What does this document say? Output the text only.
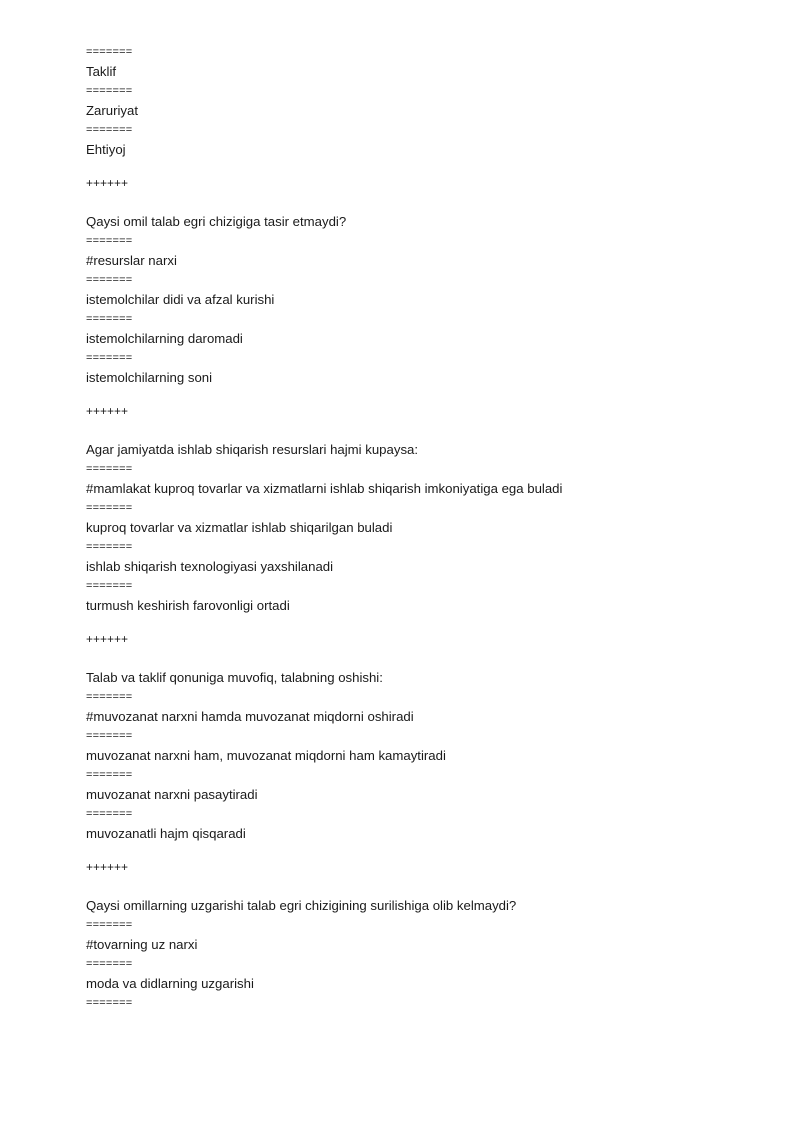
=======
Taklif
=======
Zaruriyat
=======
Ehtiyoj
++++++
Qaysi omil talab egri chizigiga tasir etmaydi?
=======
#resurslar narxi
=======
istemolchilar didi va afzal kurishi
=======
istemolchilarning daromadi
=======
istemolchilarning soni
++++++
Agar jamiyatda ishlab shiqarish resurslari hajmi kupaysa:
=======
#mamlakat kuproq tovarlar va xizmatlarni ishlab shiqarish imkoniyatiga ega buladi
=======
kuproq tovarlar va xizmatlar ishlab shiqarilgan buladi
=======
ishlab shiqarish texnologiyasi yaxshilanadi
=======
turmush keshirish farovonligi ortadi
++++++
Talab va taklif qonuniga muvofiq, talabning oshishi:
=======
#muvozanat narxni hamda muvozanat miqdorni oshiradi
=======
muvozanat narxni ham, muvozanat miqdorni ham kamaytiradi
=======
muvozanat narxni pasaytiradi
=======
muvozanatli hajm qisqaradi
++++++
Qaysi omillarning uzgarishi talab egri chizigining surilishiga olib kelmaydi?
=======
#tovarning uz narxi
=======
moda va didlarning uzgarishi
=======
